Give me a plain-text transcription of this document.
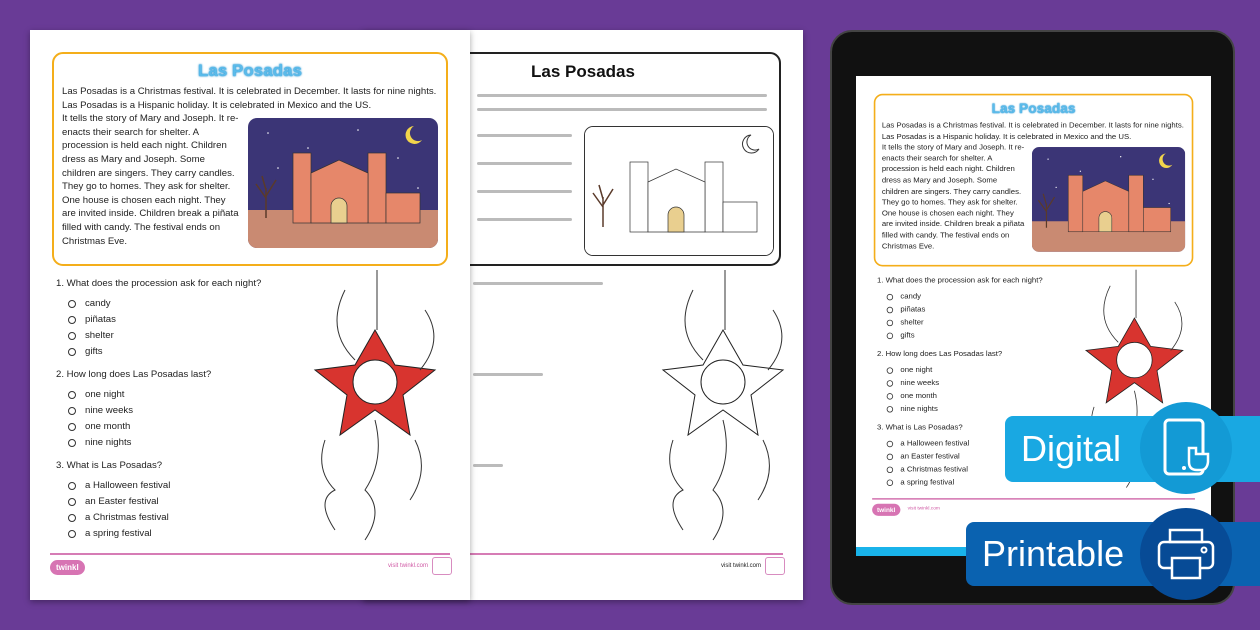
Las Posadas
visit twinkl.com
Las Posadas
Las Posadas is a Christmas festival. It is celebrated in December. It lasts for nine nights. Las Posadas is a Hispanic holiday. It is celebrated in Mexico and the US.
It tells the story of Mary and Joseph. It re-enacts their search for shelter. A procession is held each night. Children dress as Mary and Joseph. Some children are singers. They carry candles. They go to homes. They ask for shelter. One house is chosen each night. They are invited inside. Children break a piñata filled with candy. The festival ends on Christmas Eve.
1. What does the procession ask for each night?
candy
piñatas
shelter
gifts
2. How long does Las Posadas last?
one night
nine weeks
one month
nine nights
3. What is Las Posadas?
a Halloween festival
an Easter festival
a Christmas festival
a spring festival
twinkl	visit twinkl.com
Las Posadas
Las Posadas is a Christmas festival. It is celebrated in December. It lasts for nine nights. Las Posadas is a Hispanic holiday. It is celebrated in Mexico and the US.
It tells the story of Mary and Joseph. It re-enacts their search for shelter. A procession is held each night. Children dress as Mary and Joseph. Some children are singers. They carry candles. They go to homes. They ask for shelter. One house is chosen each night. They are invited inside. Children break a piñata filled with candy. The festival ends on Christmas Eve.
1. What does the procession ask for each night?
candy
piñatas
shelter
gifts
2. How long does Las Posadas last?
one night
nine weeks
one month
nine nights
3. What is Las Posadas?
a Halloween festival
an Easter festival
a Christmas festival
a spring festival
twinkl	visit twinkl.com
Digital
Printable
